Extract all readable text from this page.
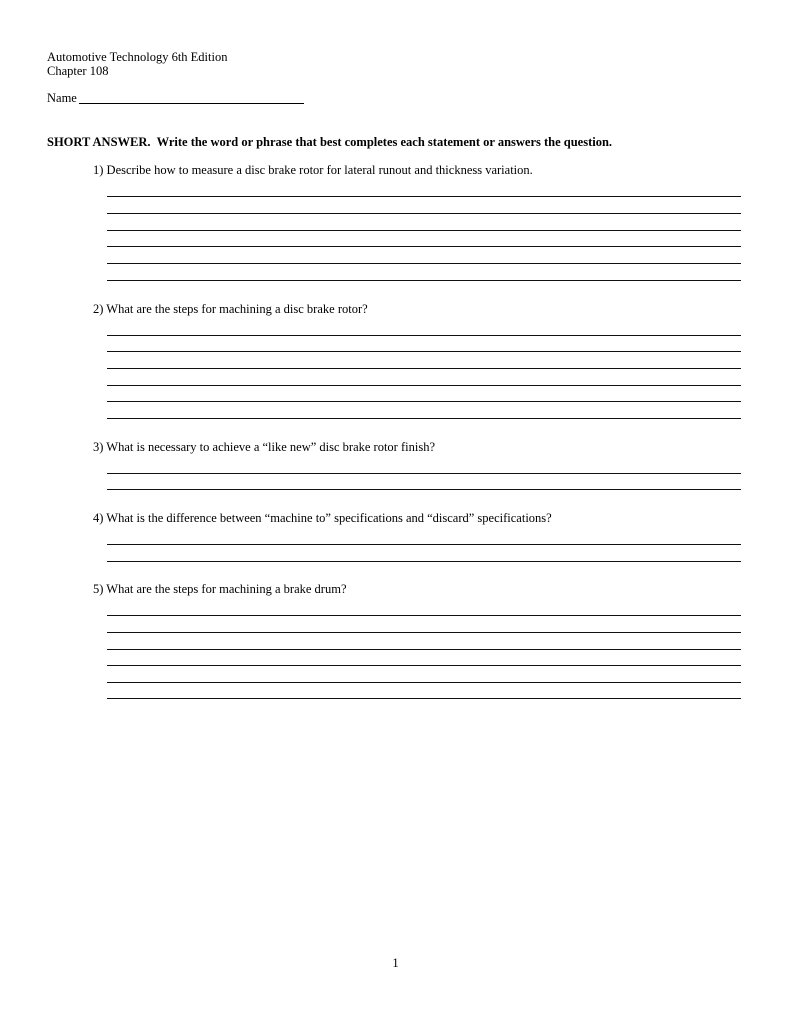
Automotive Technology 6th Edition
Chapter 108
Name
SHORT ANSWER. Write the word or phrase that best completes each statement or answers the question.
1) Describe how to measure a disc brake rotor for lateral runout and thickness variation.
2) What are the steps for machining a disc brake rotor?
3) What is necessary to achieve a “like new” disc brake rotor finish?
4) What is the difference between “machine to” specifications and “discard” specifications?
5) What are the steps for machining a brake drum?
1
